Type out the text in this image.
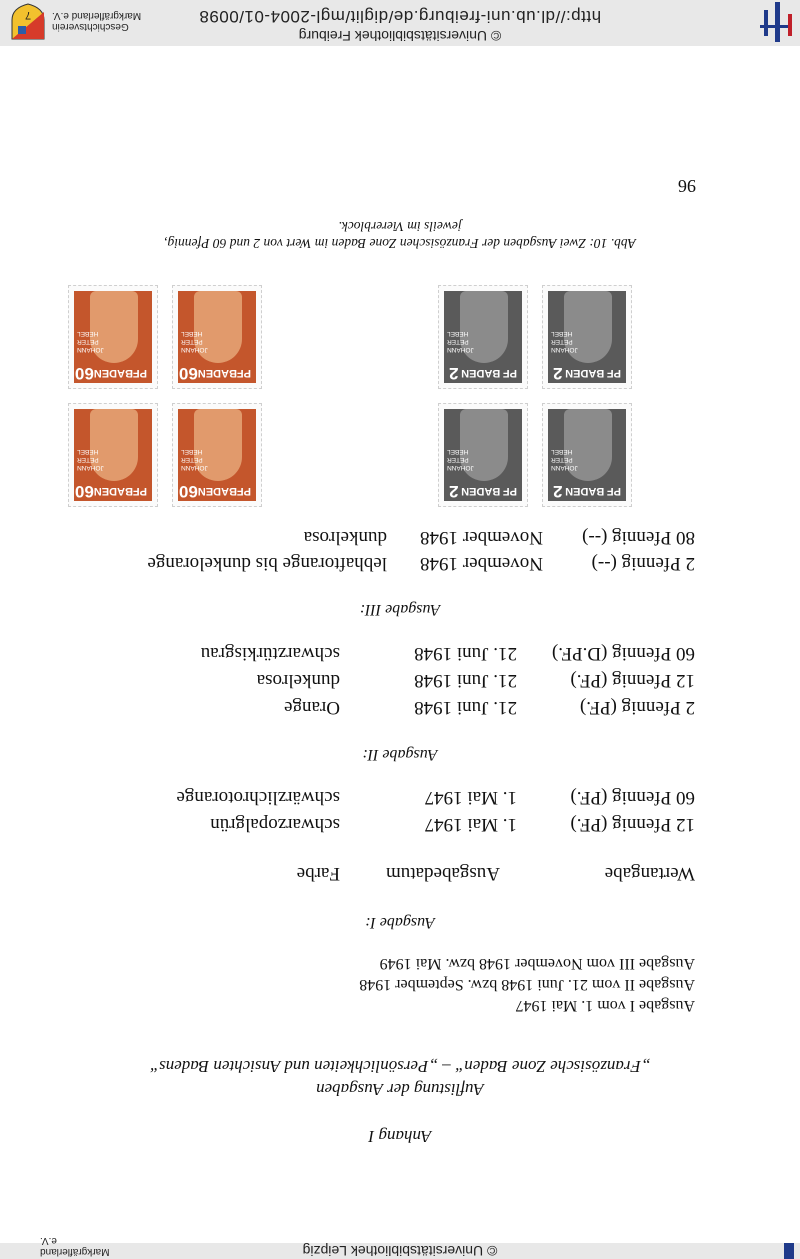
http://dl.ub.uni-freiburg.de/diglit/mgl-2004-01/0098
© Universitätsbibliothek Freiburg
7
Geschichtsverein
Markgräflerland e.V.
© Universitätsbibliothek Leipzig
Markgräflerland e.V.
96
Abb. 10: Zwei Ausgaben der Französischen Zone Baden im Wert von 2 und 60 Pfennig,
jeweils im Viererblock.
JOHANN
PETER
HEBEL
PF
BADEN
60
JOHANN
PETER
HEBEL
PF
BADEN
60
JOHANN
PETER
HEBEL
PF
BADEN
60
JOHANN
PETER
HEBEL
PF
BADEN
60
JOHANN
PETER
HEBEL
PF
BADEN
2
JOHANN
PETER
HEBEL
PF
BADEN
2
JOHANN
PETER
HEBEL
PF
BADEN
2
JOHANN
PETER
HEBEL
PF
BADEN
2
80 Pfennig (--)
November 1948
dunkelrosa
2 Pfennig (--)
November 1948
lebhaftorange bis dunkelorange
Ausgabe III:
60 Pfennig (D.PF.)
21. Juni 1948
schwarztürkisgrau
12 Pfennig (PF.)
21. Juni 1948
dunkelrosa
2 Pfennig (PF.)
21. Juni 1948
Orange
Ausgabe II:
60 Pfennig (PF.)
1. Mai 1947
schwärzlichrotorange
12 Pfennig (PF.)
1. Mai 1947
schwarzopalgrün
Wertangabe
Ausgabedatum
Farbe
Ausgabe I:
Ausgabe III vom November 1948 bzw. Mai 1949
Ausgabe II vom 21. Juni 1948 bzw. September 1948
Ausgabe I vom 1. Mai 1947
„Französische Zone Baden“ – „Persönlichkeiten und Ansichten Badens“
Auflistung der Ausgaben
Anhang I
